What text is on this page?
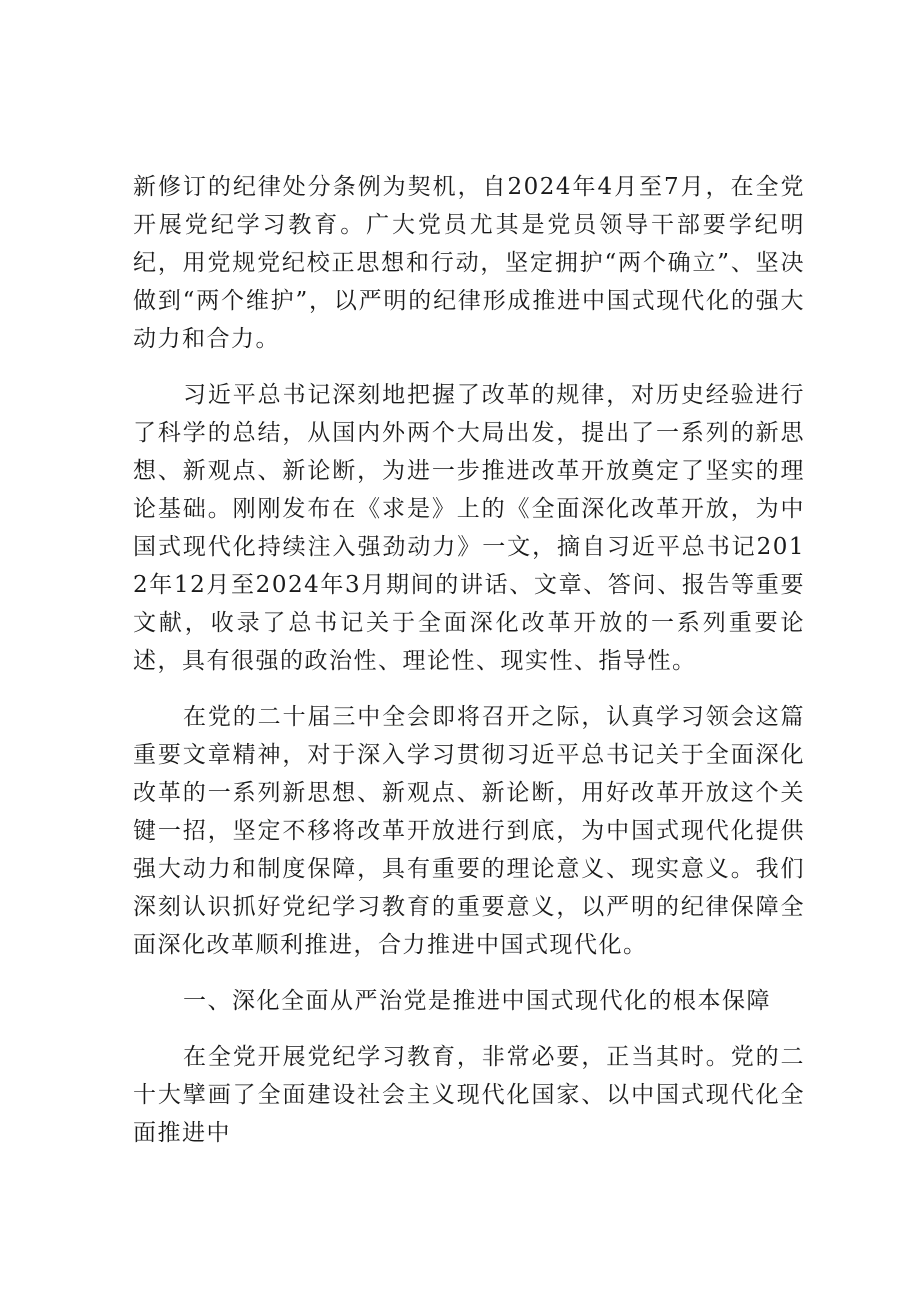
新修订的纪律处分条例为契机，自2024年4月至7月，在全党开展党纪学习教育。广大党员尤其是党员领导干部要学纪明纪，用党规党纪校正思想和行动，坚定拥护“两个确立”、坚决做到“两个维护”，以严明的纪律形成推进中国式现代化的强大动力和合力。

习近平总书记深刻地把握了改革的规律，对历史经验进行了科学的总结，从国内外两个大局出发，提出了一系列的新思想、新观点、新论断，为进一步推进改革开放奠定了坚实的理论基础。刚刚发布在《求是》上的《全面深化改革开放，为中国式现代化持续注入强劲动力》一文，摘自习近平总书记2012年12月至2024年3月期间的讲话、文章、答问、报告等重要文献，收录了总书记关于全面深化改革开放的一系列重要论述，具有很强的政治性、理论性、现实性、指导性。

在党的二十届三中全会即将召开之际，认真学习领会这篇重要文章精神，对于深入学习贯彻习近平总书记关于全面深化改革的一系列新思想、新观点、新论断，用好改革开放这个关键一招，坚定不移将改革开放进行到底，为中国式现代化提供强大动力和制度保障，具有重要的理论意义、现实意义。我们深刻认识抓好党纪学习教育的重要意义，以严明的纪律保障全面深化改革顺利推进，合力推进中国式现代化。

一、深化全面从严治党是推进中国式现代化的根本保障

在全党开展党纪学习教育，非常必要，正当其时。党的二十大擘画了全面建设社会主义现代化国家、以中国式现代化全面推进中
